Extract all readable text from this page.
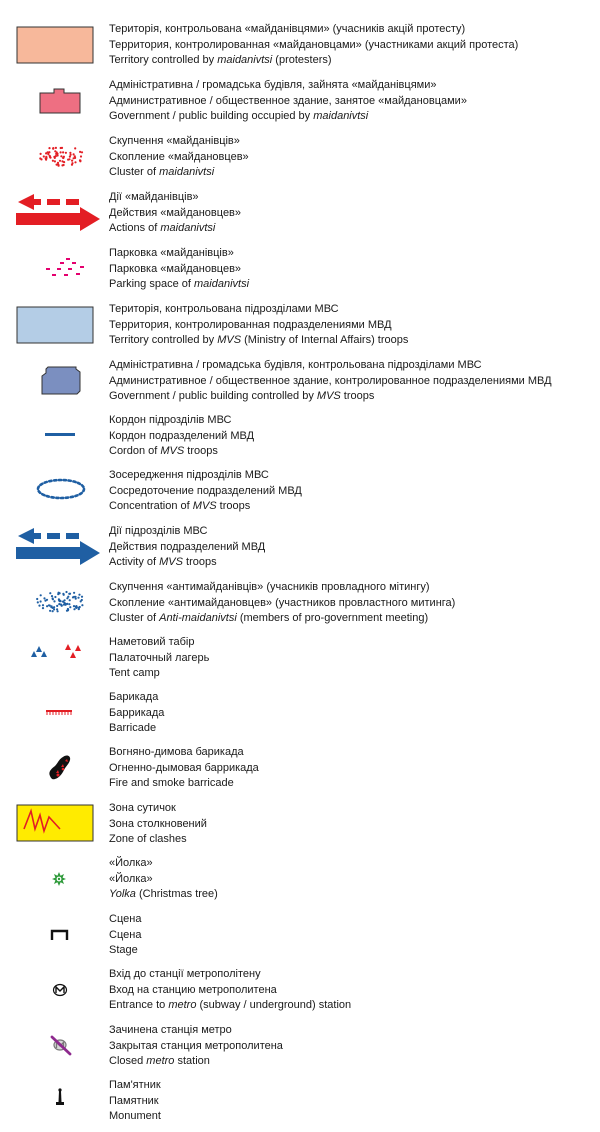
Територія, контрольована «майданівцями» (учасників акцій протесту)
Территория, контролированная «майдановцами» (участниками акций протеста)
Territory controlled by maidanivtsi (protesters)
Адміністративна / громадська будівля, зайнята «майданівцями»
Административное / общественное здание, занятое «майдановцами»
Government / public building occupied by maidanivtsi
Скупчення «майданівців»
Скопление «майдановцев»
Cluster of maidanivtsi
Дії «майданівців»
Действия «майдановцев»
Actions of maidanivtsi
Парковка «майданівців»
Парковка «майдановцев»
Parking space of maidanivtsi
Територія, контрольована підрозділами МВС
Территория, контролированная подразделениями МВД
Territory controlled by MVS (Ministry of Internal Affairs) troops
Адміністративна / громадська будівля, контрольована підрозділами МВС
Административное / общественное здание, контролированное подразделениями МВД
Government / public building controlled by MVS troops
Кордон підрозділів МВС
Кордон подразделений МВД
Cordon of MVS troops
Зосередження підрозділів МВС
Сосредоточение подразделений МВД
Concentration of MVS troops
Дії підрозділів МВС
Действия подразделений МВД
Activity of MVS troops
Скупчення «антимайданівців» (учасників провладного мітингу)
Скопление «антимайдановцев» (участников провластного митинга)
Cluster of Anti-maidanivtsi (members of pro-government meeting)
Наметовий табір
Палаточный лагерь
Tent camp
Барикада
Баррикада
Barricade
Вогняно-димова барикада
Огненно-дымовая баррикада
Fire and smoke barricade
Зона сутичок
Зона столкновений
Zone of clashes
«Йолка»
«Йолка»
Yolka (Christmas tree)
Сцена
Сцена
Stage
Вхід до станції метрополітену
Вход на станцию метрополитена
Entrance to metro (subway / underground) station
Зачинена станція метро
Закрытая станция метрополитена
Closed metro station
Пам'ятник
Памятник
Monument
